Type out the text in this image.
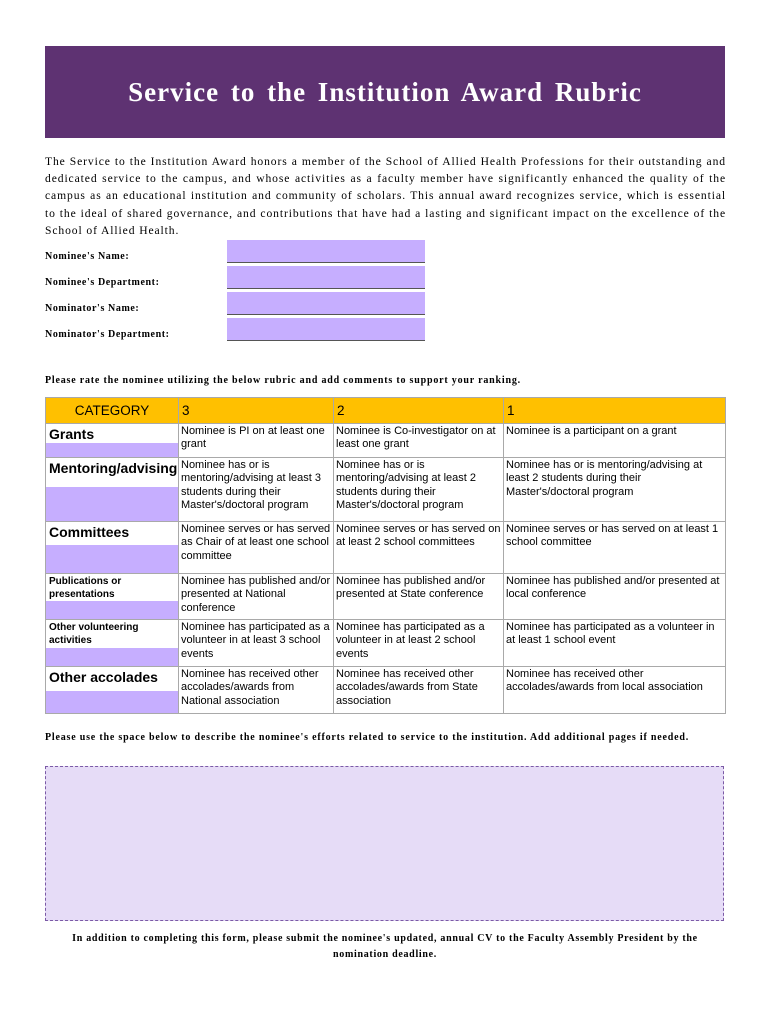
Service to the Institution Award Rubric
The Service to the Institution Award honors a member of the School of Allied Health Professions for their outstanding and dedicated service to the campus, and whose activities as a faculty member have significantly enhanced the quality of the campus as an educational institution and community of scholars. This annual award recognizes service, which is essential to the ideal of shared governance, and contributions that have had a lasting and significant impact on the excellence of the School of Allied Health.
Nominee's Name:
Nominee's Department:
Nominator's Name:
Nominator's Department:
Please rate the nominee utilizing the below rubric and add comments to support your ranking.
CATEGORY	3	2	1

Grants	Nominee is PI on at least one grant	Nominee is Co-investigator on at least one grant	Nominee is a participant on a grant

Mentoring/advising	Nominee has or is mentoring/advising at least 3 students during their Master's/doctoral program	Nominee has or is mentoring/advising at least 2 students during their Master's/doctoral program	Nominee has or is mentoring/advising at least 2 students during their Master's/doctoral program

Committees	Nominee serves or has served as Chair of at least one school committee	Nominee serves or has served on at least 2 school committees	Nominee serves or has served on at least 1 school committee

Publications or presentations	Nominee has published and/or presented at National conference	Nominee has published and/or presented at State conference	Nominee has published and/or presented at local conference

Other volunteering activities	Nominee has participated as a volunteer in at least 3 school events	Nominee has participated as a volunteer in at least 2 school events	Nominee has participated as a volunteer in at least 1 school event

Other accolades	Nominee has received other accolades/awards from National association	Nominee has received other accolades/awards from State association	Nominee has received other accolades/awards from local association
Please use the space below to describe the nominee's efforts related to service to the institution. Add additional pages if needed.
In addition to completing this form, please submit the nominee's updated, annual CV to the Faculty Assembly President by the nomination deadline.
